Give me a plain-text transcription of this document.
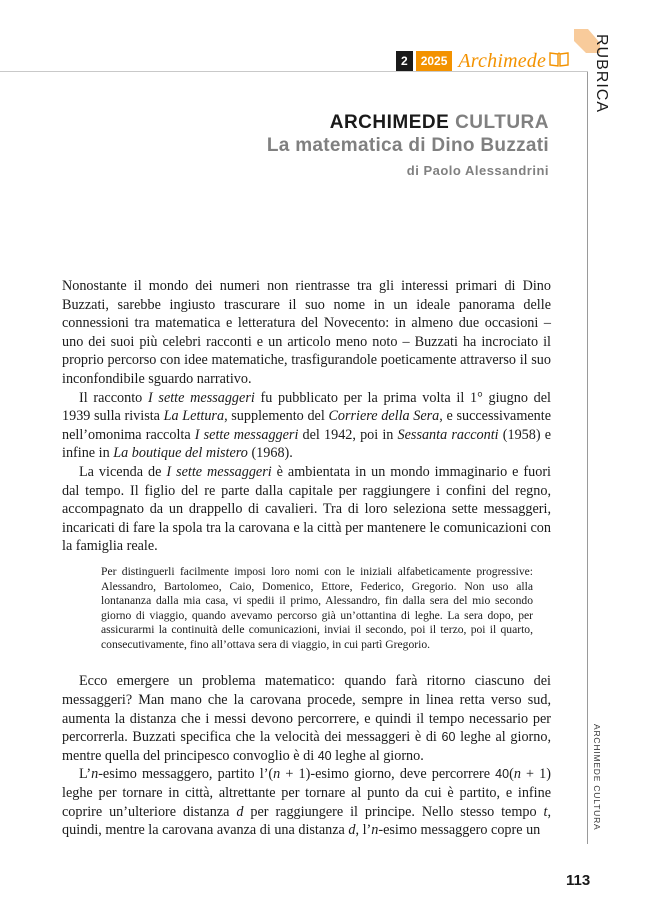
2	2025 Archimede	RUBRICA
ARCHIMEDE CULTURA
ARCHIMEDE CULTURA
La matematica di Dino Buzzati
di Paolo Alessandrini

Nonostante il mondo dei numeri non rientrasse tra gli interessi primari di Dino Buzzati, sarebbe ingiusto trascurare il suo nome in un ideale panorama delle connessioni tra matematica e letteratura del Novecento: in almeno due occasioni – uno dei suoi più celebri racconti e un articolo meno noto – Buzzati ha incrociato il proprio percorso con idee matematiche, trasfigurandole poeticamente attraverso il suo inconfondibile sguardo narrativo.

Il racconto I sette messaggeri fu pubblicato per la prima volta il 1° giugno del 1939 sulla rivista La Lettura, supplemento del Corriere della Sera, e successivamente nell’omonima raccolta I sette messaggeri del 1942, poi in Sessanta racconti (1958) e infine in La boutique del mistero (1968).

La vicenda de I sette messaggeri è ambientata in un mondo immaginario e fuori dal tempo. Il figlio del re parte dalla capitale per raggiungere i confini del regno, accompagnato da un drappello di cavalieri. Tra di loro seleziona sette messaggeri, incaricati di fare la spola tra la carovana e la città per mantenere le comunicazioni con la famiglia reale.

Per distinguerli facilmente imposi loro nomi con le iniziali alfabeticamente progressive: Alessandro, Bartolomeo, Caio, Domenico, Ettore, Federico, Gregorio. Non uso alla lontananza dalla mia casa, vi spedii il primo, Alessandro, fin dalla sera del mio secondo giorno di viaggio, quando avevamo percorso già un’ottantina di leghe. La sera dopo, per assicurarmi la continuità delle comunicazioni, inviai il secondo, poi il terzo, poi il quarto, consecutivamente, fino all’ottava sera di viaggio, in cui partì Gregorio.

Ecco emergere un problema matematico: quando farà ritorno ciascuno dei messaggeri? Man mano che la carovana procede, sempre in linea retta verso sud, aumenta la distanza che i messi devono percorrere, e quindi il tempo necessario per percorrerla. Buzzati specifica che la velocità dei messaggeri è di 60 leghe al giorno, mentre quella del principesco convoglio è di 40 leghe al giorno.

L’n-esimo messaggero, partito l’(n + 1)-esimo giorno, deve percorrere 40(n + 1) leghe per tornare in città, altrettante per tornare al punto da cui è partito, e infine coprire un’ulteriore distanza d per raggiungere il principe. Nello stesso tempo t, quindi, mentre la carovana avanza di una distanza d, l’n-esimo messaggero copre un

113
